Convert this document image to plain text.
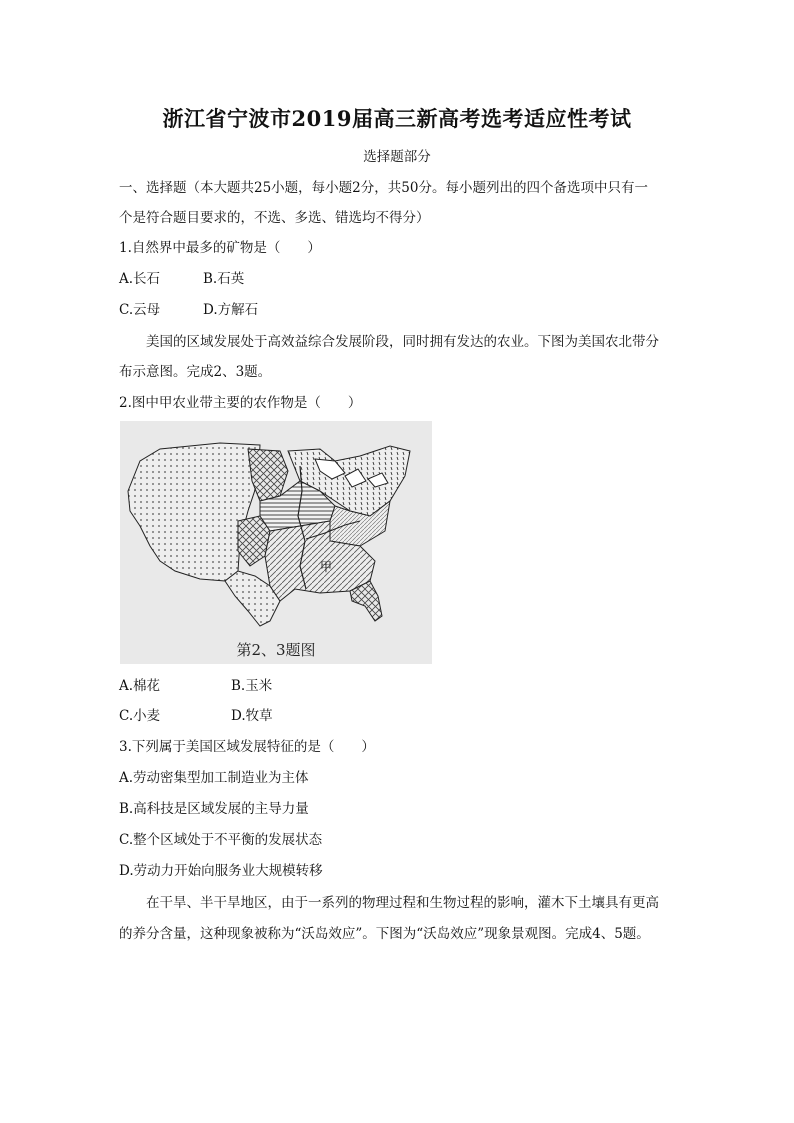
浙江省宁波市2019届高三新高考选考适应性考试
选择题部分
一、选择题（本大题共25小题，每小题2分，共50分。每小题列出的四个备选项中只有一
个是符合题目要求的，不选、多选、错选均不得分）
1.自然界中最多的矿物是（　　）
A.长石	B.石英
C.云母	D.方解石
美国的区域发展处于高效益综合发展阶段，同时拥有发达的农业。下图为美国农北带分
布示意图。完成2、3题。
2.图中甲农业带主要的农作物是（　　）
甲
第2、3题图
A.棉花	B.玉米
C.小麦	D.牧草
3.下列属于美国区域发展特征的是（　　）
A.劳动密集型加工制造业为主体
B.高科技是区域发展的主导力量
C.整个区域处于不平衡的发展状态
D.劳动力开始向服务业大规模转移
在干旱、半干旱地区，由于一系列的物理过程和生物过程的影响，灌木下土壤具有更高
的养分含量，这种现象被称为“沃岛效应”。下图为“沃岛效应”现象景观图。完成4、5题。
